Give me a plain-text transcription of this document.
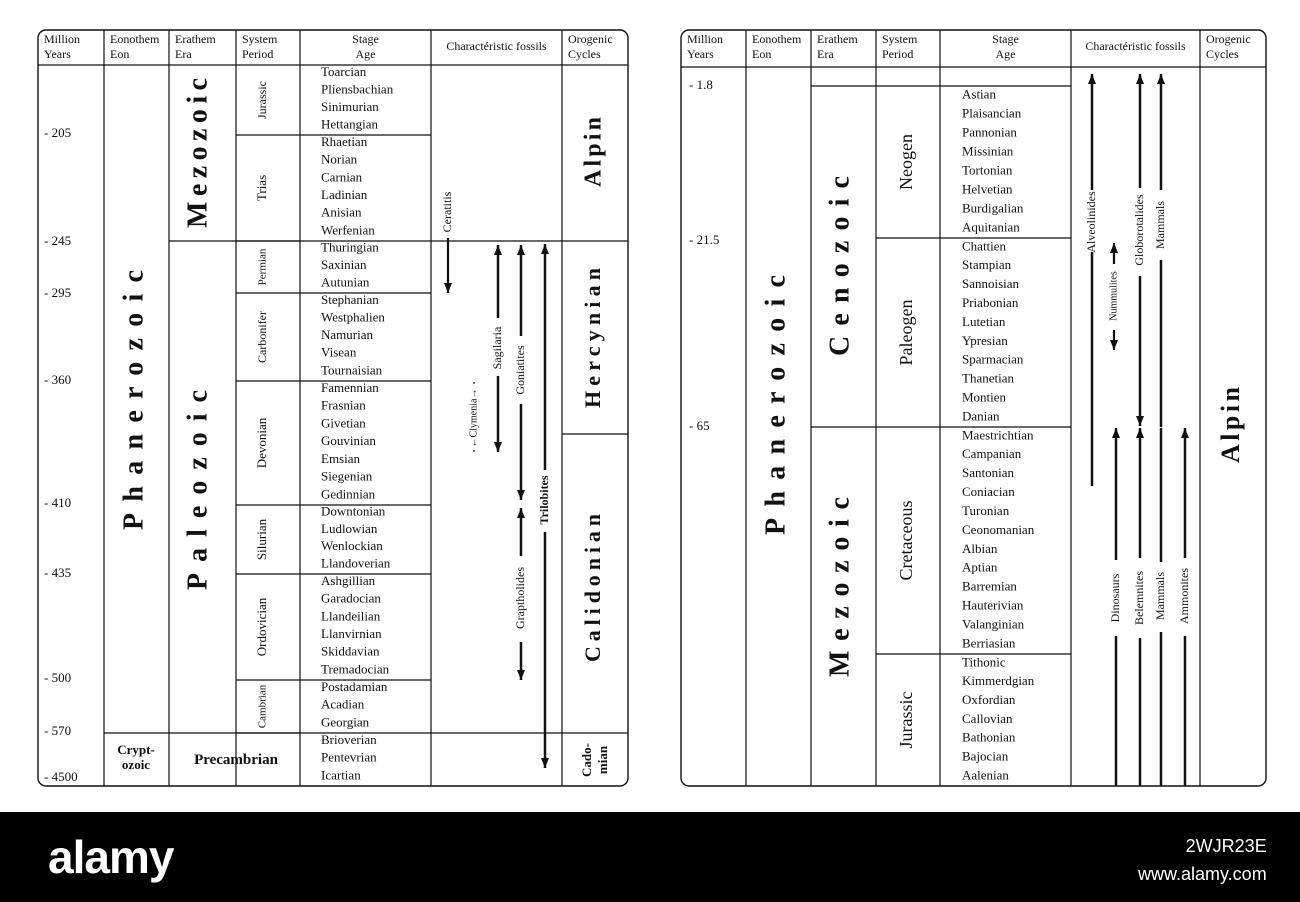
Million
Years
Eonothem
Eon
Erathem
Era
System
Period
Stage
Age
Charactéristic fossils Orogenic
Cycles
- 205
- 245
- 295
- 360
- 410
- 435
- 500
- 570
- 4500
Phanerozoic
Crypt-
ozoic
Mezozoic
Paleozoic
Precambrian
Jurassic
Trias
Permian
Carbonifer
Devonian
Silurian
Ordovician
Cambrian
Toarcian
Pliensbachian
Sinimurian
Hettangian
Rhaetian
Norian
Carnian
Ladinian
Anisian
Werfenian
Thuringian
Saxinian
Autunian
Stephanian
Westphalien
Namurian
Visean
Tournaisian
Famennian
Frasnian
Givetian
Gouvinian
Emsian
Siegenian
Gedinnian
Downtonian
Ludlowian
Wenlockian
Llandoverian
Ashgillian
Garadocian
Llandeilian
Llanvirnian
Skiddavian
Tremadocian
Postadamian
Acadian
Georgian
Brioverian
Pentevrian
Icartian
Ceratitis
←Clymenia→
Sagilaria Goniatites
Trilobites
Graptholides
Alpin
Hercynian
Calidonian
Cado- mian
Million
Years
Eonothem
Eon
Erathem
Era
System
Period
Stage
Age
Charactéristic fossils Orogenic
Cycles
- 1.8
- 21.5
- 65
Phanerozoic
Cenozoic
Mezozoic
Neogen
Paleogen
Cretaceous
Jurassic
Astian
Plaisancian
Pannonian
Missinian
Tortonian
Helvetian
Burdigalian
Aquitanian
Chattien
Stampian
Sannoisian
Priabonian
Lutetian
Ypresian
Sparmacian
Thanetian
Montien
Danian
Maestrichtian
Campanian
Santonian
Coniacian
Turonian
Ceonomanian
Albian
Aptian
Barremian
Hauterivian
Valanginian
Berriasian
Tithonic
Kimmerdgian
Oxfordian
Callovian
Bathonian
Bajocian
Aalenian
Alveolinides
Nummulites
Globorotalides Mammals
Dinosaurs Belemnites Mammals Ammonites
Alpin
alamy	2WJR23E
www.alamy.com
